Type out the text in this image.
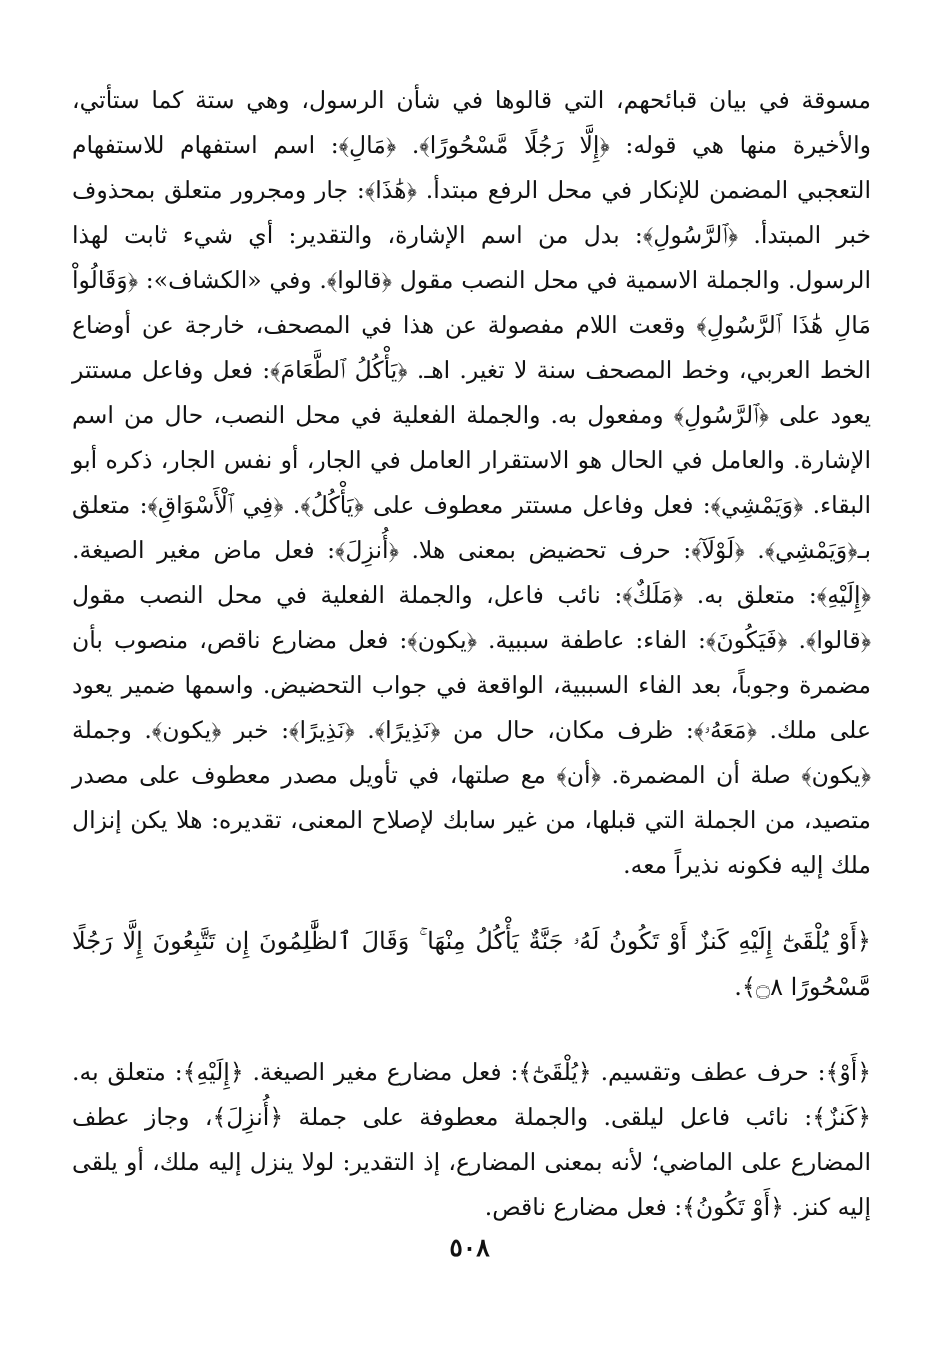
مسوقة في بيان قبائحهم، التي قالوها في شأن الرسول، وهي ستة كما ستأتي، والأخيرة منها هي قوله: ﴿إِلَّا رَجُلًا مَّسْحُورًا﴾. ﴿مَالِ﴾: اسم استفهام للاستفهام التعجبي المضمن للإنكار في محل الرفع مبتدأ. ﴿هَٰذَا﴾: جار ومجرور متعلق بمحذوف خبر المبتدأ. ﴿ٱلرَّسُولِ﴾: بدل من اسم الإشارة، والتقدير: أي شيء ثابت لهذا الرسول. والجملة الاسمية في محل النصب مقول ﴿قالوا﴾. وفي «الكشاف»: ﴿وَقَالُواْ مَالِ هَٰذَا ٱلرَّسُولِ﴾ وقعت اللام مفصولة عن هذا في المصحف، خارجة عن أوضاع الخط العربي، وخط المصحف سنة لا تغير. اهـ. ﴿يَأْكُلُ ٱلطَّعَامَ﴾: فعل وفاعل مستتر يعود على ﴿ٱلرَّسُولِ﴾ ومفعول به. والجملة الفعلية في محل النصب، حال من اسم الإشارة. والعامل في الحال هو الاستقرار العامل في الجار، أو نفس الجار، ذكره أبو البقاء. ﴿وَيَمْشِي﴾: فعل وفاعل مستتر معطوف على ﴿يَأْكُلُ﴾. ﴿فِي ٱلْأَسْوَاقِ﴾: متعلق بـ﴿وَيَمْشِي﴾. ﴿لَوْلَآ﴾: حرف تحضيض بمعنى هلا. ﴿أُنزِلَ﴾: فعل ماض مغير الصيغة. ﴿إِلَيْهِ﴾: متعلق به. ﴿مَلَكٌ﴾: نائب فاعل، والجملة الفعلية في محل النصب مقول ﴿قالوا﴾. ﴿فَيَكُونَ﴾: الفاء: عاطفة سببية. ﴿يكون﴾: فعل مضارع ناقص، منصوب بأن مضمرة وجوباً، بعد الفاء السببية، الواقعة في جواب التحضيض. واسمها ضمير يعود على ملك. ﴿مَعَهُۥ﴾: ظرف مكان، حال من ﴿نَذِيرًا﴾. ﴿نَذِيرًا﴾: خبر ﴿يكون﴾. وجملة ﴿يكون﴾ صلة أن المضمرة. ﴿أن﴾ مع صلتها، في تأويل مصدر معطوف على مصدر متصيد، من الجملة التي قبلها، من غير سابك لإصلاح المعنى، تقديره: هلا يكن إنزال ملك إليه فكونه نذيراً معه.

﴿أَوْ يُلْقَىٰٓ إِلَيْهِ كَنزٌ أَوْ تَكُونُ لَهُۥ جَنَّةٌ يَأْكُلُ مِنْهَا ۚ وَقَالَ ٱلظَّٰلِمُونَ إِن تَتَّبِعُونَ إِلَّا رَجُلًا مَّسْحُورًا ۝٨﴾.

﴿أَوْ﴾: حرف عطف وتقسيم. ﴿يُلْقَىٰٓ﴾: فعل مضارع مغير الصيغة. ﴿إِلَيْهِ﴾: متعلق به. ﴿كَنزٌ﴾: نائب فاعل ليلقى. والجملة معطوفة على جملة ﴿أُنزِلَ﴾، وجاز عطف المضارع على الماضي؛ لأنه بمعنى المضارع، إذ التقدير: لولا ينزل إليه ملك، أو يلقى إليه كنز. ﴿أَوْ تَكُونُ﴾: فعل مضارع ناقص.

٥٠٨
